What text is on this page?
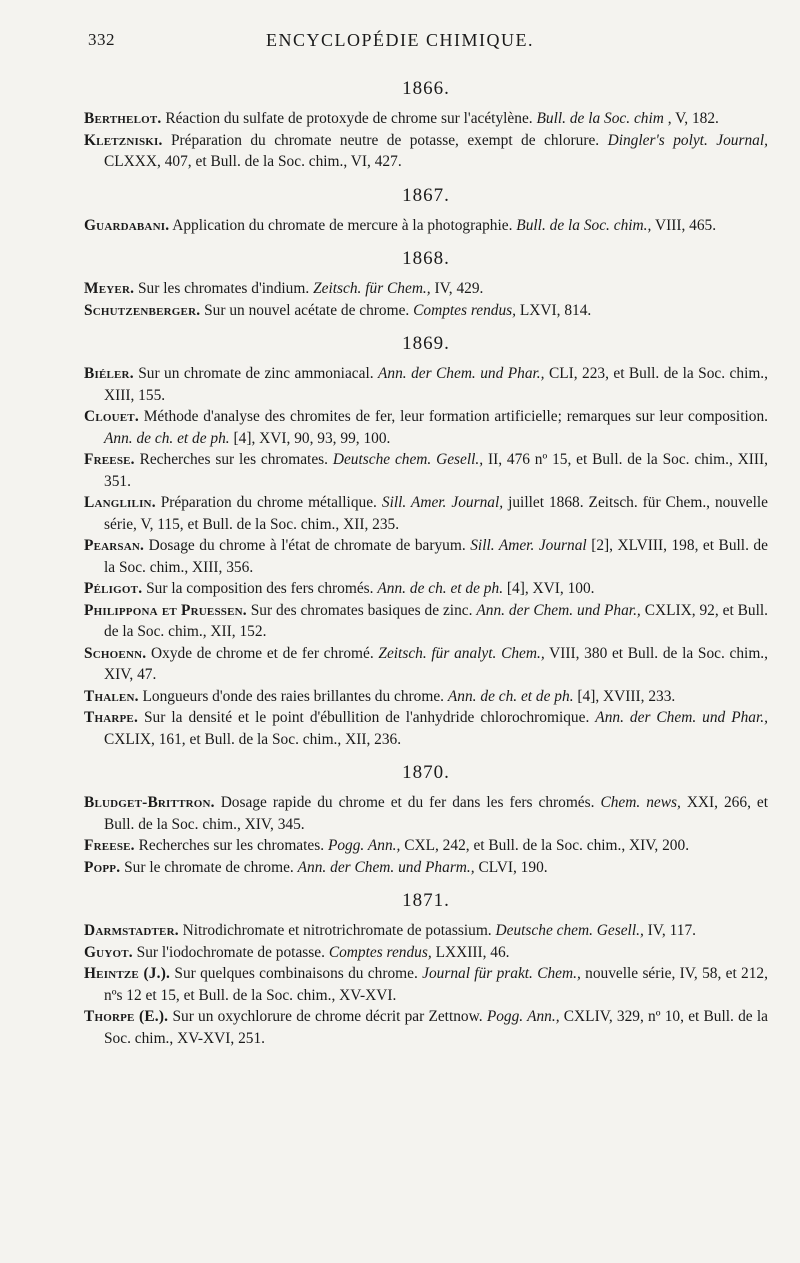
332	ENCYCLOPÉDIE CHIMIQUE.
1866.

Berthelot. Réaction du sulfate de protoxyde de chrome sur l'acétylène. Bull. de la Soc. chim , V, 182.

Kletzniski. Préparation du chromate neutre de potasse, exempt de chlorure. Dingler's polyt. Journal, CLXXX, 407, et Bull. de la Soc. chim., VI, 427.

1867.

Guardabani. Application du chromate de mercure à la photographie. Bull. de la Soc. chim., VIII, 465.

1868.

Meyer. Sur les chromates d'indium. Zeitsch. für Chem., IV, 429.

Schutzenberger. Sur un nouvel acétate de chrome. Comptes rendus, LXVI, 814.

1869.

Biéler. Sur un chromate de zinc ammoniacal. Ann. der Chem. und Phar., CLI, 223, et Bull. de la Soc. chim., XIII, 155.

Clouet. Méthode d'analyse des chromites de fer, leur formation artificielle; remarques sur leur composition. Ann. de ch. et de ph. [4], XVI, 90, 93, 99, 100.

Freese. Recherches sur les chromates. Deutsche chem. Gesell., II, 476 nº 15, et Bull. de la Soc. chim., XIII, 351.

Langlilin. Préparation du chrome métallique. Sill. Amer. Journal, juillet 1868. Zeitsch. für Chem., nouvelle série, V, 115, et Bull. de la Soc. chim., XII, 235.

Pearsan. Dosage du chrome à l'état de chromate de baryum. Sill. Amer. Journal [2], XLVIII, 198, et Bull. de la Soc. chim., XIII, 356.

Péligot. Sur la composition des fers chromés. Ann. de ch. et de ph. [4], XVI, 100.

Philippona et Pruessen. Sur des chromates basiques de zinc. Ann. der Chem. und Phar., CXLIX, 92, et Bull. de la Soc. chim., XII, 152.

Schoenn. Oxyde de chrome et de fer chromé. Zeitsch. für analyt. Chem., VIII, 380 et Bull. de la Soc. chim., XIV, 47.

Thalen. Longueurs d'onde des raies brillantes du chrome. Ann. de ch. et de ph. [4], XVIII, 233.

Tharpe. Sur la densité et le point d'ébullition de l'anhydride chlorochromique. Ann. der Chem. und Phar., CXLIX, 161, et Bull. de la Soc. chim., XII, 236.

1870.

Bludget-Brittron. Dosage rapide du chrome et du fer dans les fers chromés. Chem. news, XXI, 266, et Bull. de la Soc. chim., XIV, 345.

Freese. Recherches sur les chromates. Pogg. Ann., CXL, 242, et Bull. de la Soc. chim., XIV, 200.

Popp. Sur le chromate de chrome. Ann. der Chem. und Pharm., CLVI, 190.

1871.

Darmstadter. Nitrodichromate et nitrotrichromate de potassium. Deutsche chem. Gesell., IV, 117.

Guyot. Sur l'iodochromate de potasse. Comptes rendus, LXXIII, 46.

Heintze (J.). Sur quelques combinaisons du chrome. Journal für prakt. Chem., nouvelle série, IV, 58, et 212, nºs 12 et 15, et Bull. de la Soc. chim., XV-XVI.

Thorpe (E.). Sur un oxychlorure de chrome décrit par Zettnow. Pogg. Ann., CXLIV, 329, nº 10, et Bull. de la Soc. chim., XV-XVI, 251.
